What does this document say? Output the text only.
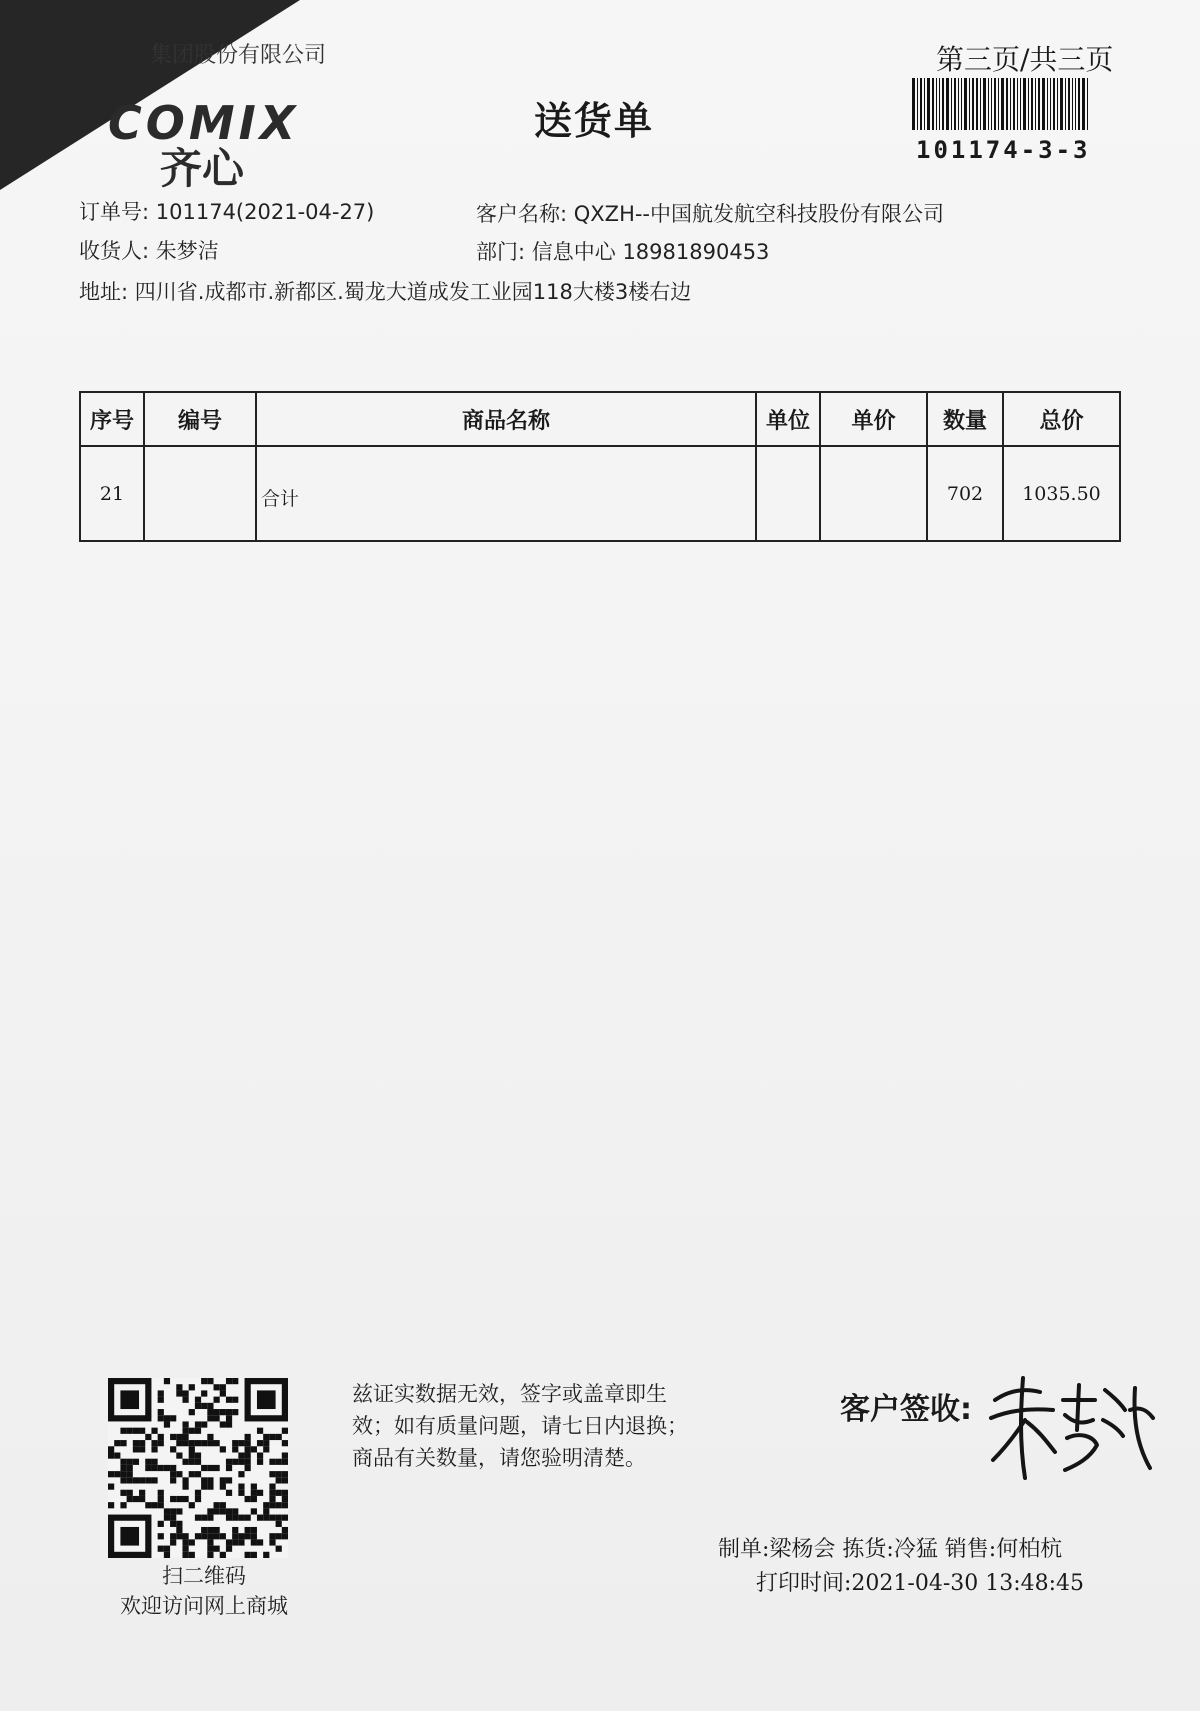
集团股份有限公司
COMIX
齐心
送货单
第三页/共三页
101174-3-3
订单号: 101174(2021-04-27)	客户名称: QXZH--中国航发航空科技股份有限公司
收货人: 朱梦洁	部门: 信息中心 18981890453
地址: 四川省.成都市.新都区.蜀龙大道成发工业园118大楼3楼右边
序号	编号	商品名称	单位	单价	数量	总价
21		合计			702	1035.50
扫二维码
欢迎访问网上商城
兹证实数据无效，签字或盖章即生
效；如有质量问题，请七日内退换；
商品有关数量，请您验明清楚。
客户签收:
制单:梁杨会 拣货:冷猛 销售:何柏杭
打印时间:2021-04-30 13:48:45
